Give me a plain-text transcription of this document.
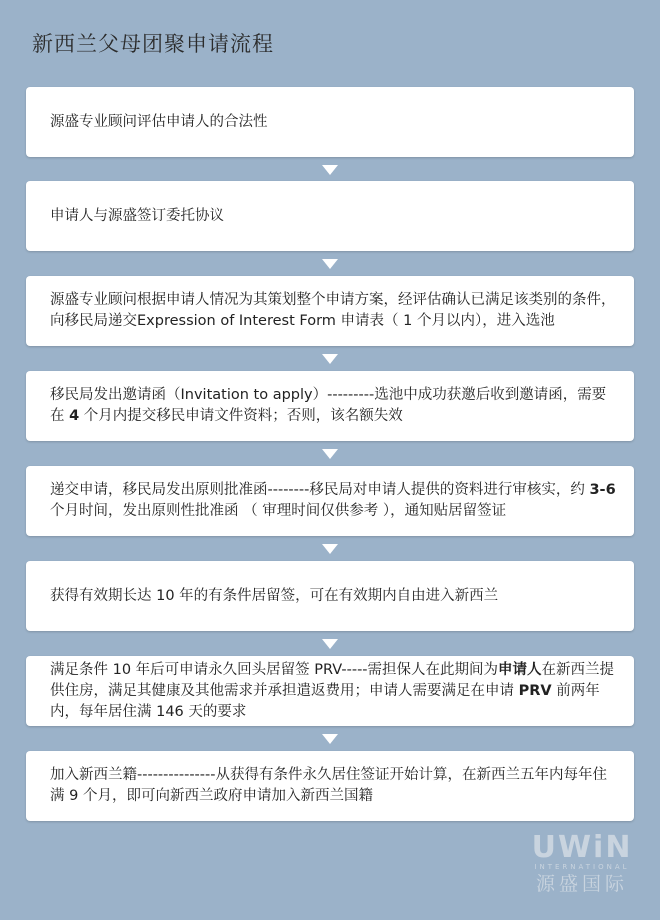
新西兰父母团聚申请流程
源盛专业顾问评估申请人的合法性
申请人与源盛签订委托协议
源盛专业顾问根据申请人情况为其策划整个申请方案，经评估确认已满足该类别的条件，向移民局递交Expression of Interest Form 申请表（ 1 个月以内），进入选池
移民局发出邀请函（Invitation to apply）---------选池中成功获邀后收到邀请函，需要在 4 个月内提交移民申请文件资料；否则，该名额失效
递交申请，移民局发出原则批准函--------移民局对申请人提供的资料进行审核实，约 3-6 个月时间，发出原则性批准函 （ 审理时间仅供参考 ），通知贴居留签证
获得有效期长达 10 年的有条件居留签，可在有效期内自由进入新西兰
满足条件 10 年后可申请永久回头居留签 PRV-----需担保人在此期间为申请人在新西兰提供住房，满足其健康及其他需求并承担遣返费用；申请人需要满足在申请 PRV 前两年内，每年居住满 146 天的要求
加入新西兰籍---------------从获得有条件永久居住签证开始计算，在新西兰五年内每年住满 9 个月，即可向新西兰政府申请加入新西兰国籍
UWiN
INTERNATIONAL
源盛国际
